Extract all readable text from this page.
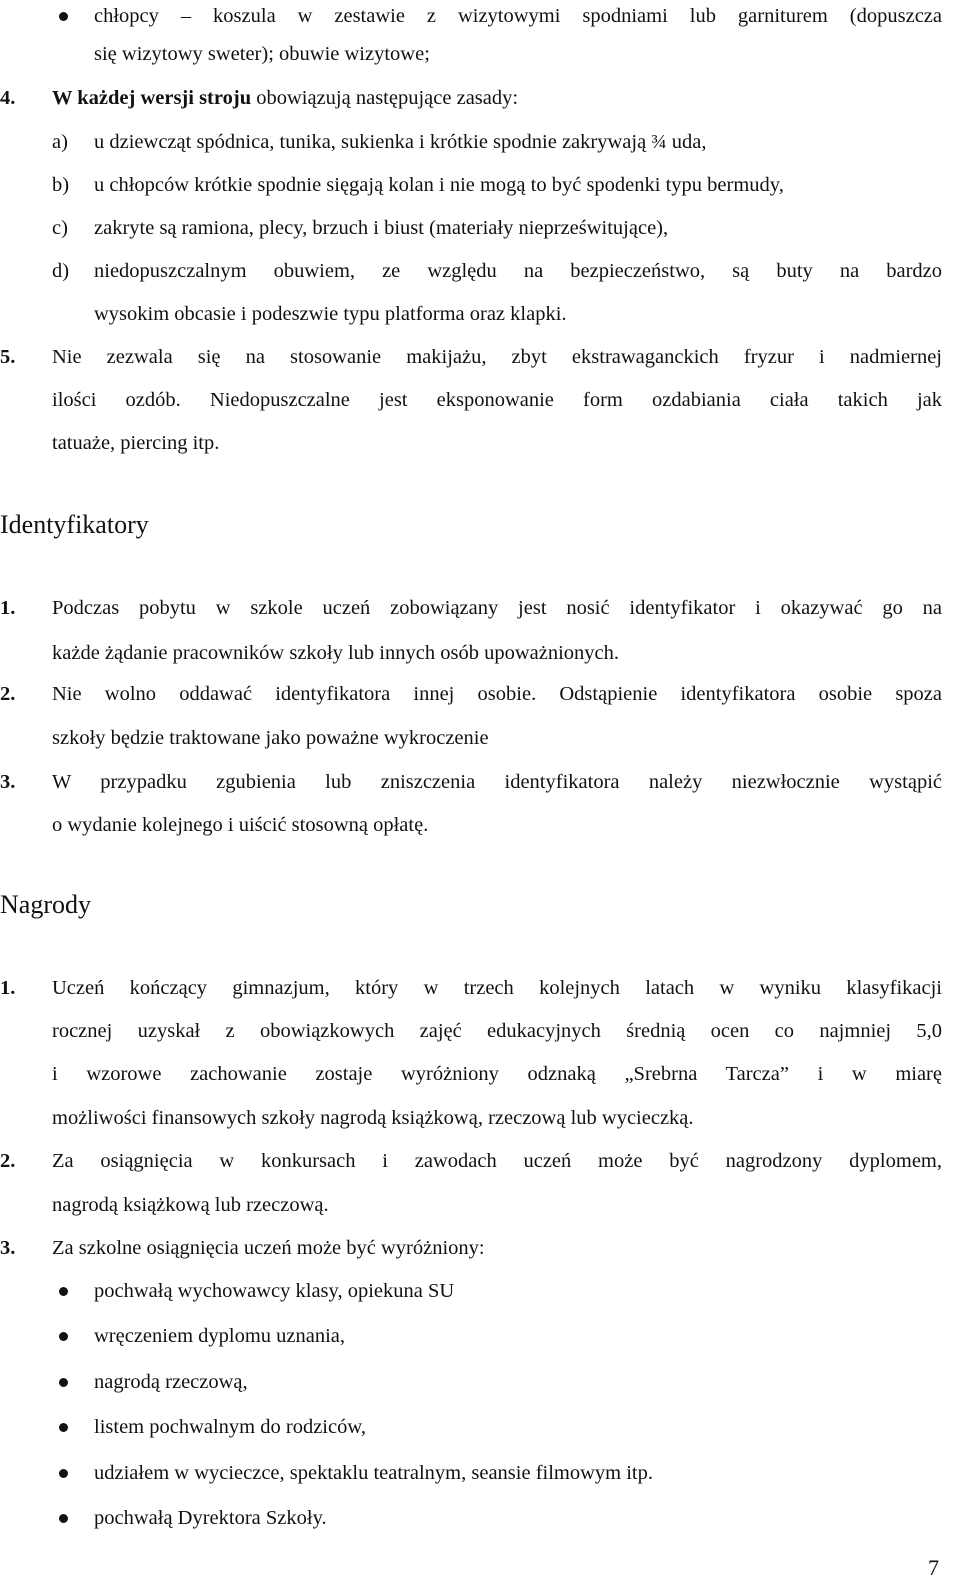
chłopcy – koszula w zestawie z wizytowymi spodniami lub garniturem (dopuszcza
się wizytowy sweter); obuwie wizytowe;
4. W każdej wersji stroju obowiązują następujące zasady:
a) u dziewcząt spódnica, tunika, sukienka i krótkie spodnie zakrywają ¾ uda,
b) u chłopców krótkie spodnie sięgają kolan i nie mogą to być spodenki typu bermudy,
c) zakryte są ramiona, plecy, brzuch i biust (materiały nieprześwitujące),
d) niedopuszczalnym obuwiem, ze względu na bezpieczeństwo, są buty na bardzo
wysokim obcasie i podeszwie typu platforma oraz klapki.
5. Nie zezwala się na stosowanie makijażu, zbyt ekstrawaganckich fryzur i nadmiernej
ilości ozdób. Niedopuszczalne jest eksponowanie form ozdabiania ciała takich jak
tatuaże, piercing itp.
Identyfikatory
1. Podczas pobytu w szkole uczeń zobowiązany jest nosić identyfikator i okazywać go na
każde żądanie pracowników szkoły lub innych osób upoważnionych.
2. Nie wolno oddawać identyfikatora innej osobie. Odstąpienie identyfikatora osobie spoza
szkoły będzie traktowane jako poważne wykroczenie
3. W przypadku zgubienia lub zniszczenia identyfikatora należy niezwłocznie wystąpić
o wydanie kolejnego i uiścić stosowną opłatę.
Nagrody
1. Uczeń kończący gimnazjum, który w trzech kolejnych latach w wyniku klasyfikacji
rocznej uzyskał z obowiązkowych zajęć edukacyjnych średnią ocen co najmniej 5,0
i wzorowe zachowanie zostaje wyróżniony odznaką „Srebrna Tarcza” i w miarę
możliwości finansowych szkoły nagrodą książkową, rzeczową lub wycieczką.
2. Za osiągnięcia w konkursach i zawodach uczeń może być nagrodzony dyplomem,
nagrodą książkową lub rzeczową.
3. Za szkolne osiągnięcia uczeń może być wyróżniony:
pochwałą wychowawcy klasy, opiekuna SU
wręczeniem dyplomu uznania,
nagrodą rzeczową,
listem pochwalnym do rodziców,
udziałem w wycieczce, spektaklu teatralnym, seansie filmowym itp.
pochwałą Dyrektora Szkoły.
7
